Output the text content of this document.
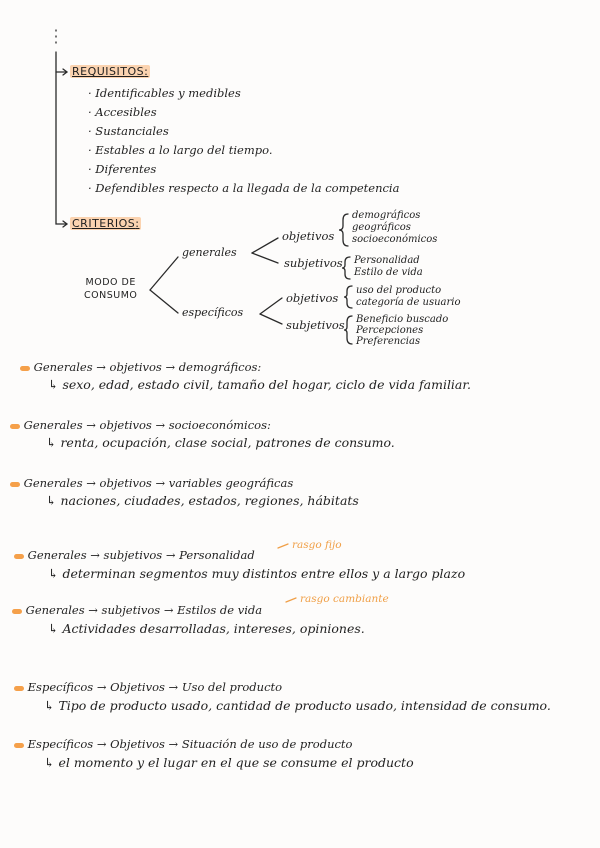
REQUISITOS:
· Identificables y medibles
· Accesibles
· Sustanciales
· Estables a lo largo del tiempo.
· Diferentes
· Defendibles respecto a la llegada de la competencia
CRITERIOS:
MODO DE
CONSUMO
generales
específicos
objetivos
subjetivos
objetivos
subjetivos
demográficos
geográficos
socioeconómicos
Personalidad
Estilo de vida
uso del producto
categoría de usuario
Beneficio buscado
Percepciones
Preferencias
Generales → objetivos → demográficos:
↳ sexo, edad, estado civil, tamaño del hogar, ciclo de vida familiar.
Generales → objetivos → socioeconómicos:
↳ renta, ocupación, clase social, patrones de consumo.
Generales → objetivos → variables geográficas
↳ naciones, ciudades, estados, regiones, hábitats
rasgo fijo
Generales → subjetivos → Personalidad
↳ determinan segmentos muy distintos entre ellos y a largo plazo
rasgo cambiante
Generales → subjetivos → Estilos de vida
↳ Actividades desarrolladas, intereses, opiniones.
Específicos → Objetivos → Uso del producto
↳ Tipo de producto usado, cantidad de producto usado, intensidad de consumo.
Específicos → Objetivos → Situación de uso de producto
↳ el momento y el lugar en el que se consume el producto
